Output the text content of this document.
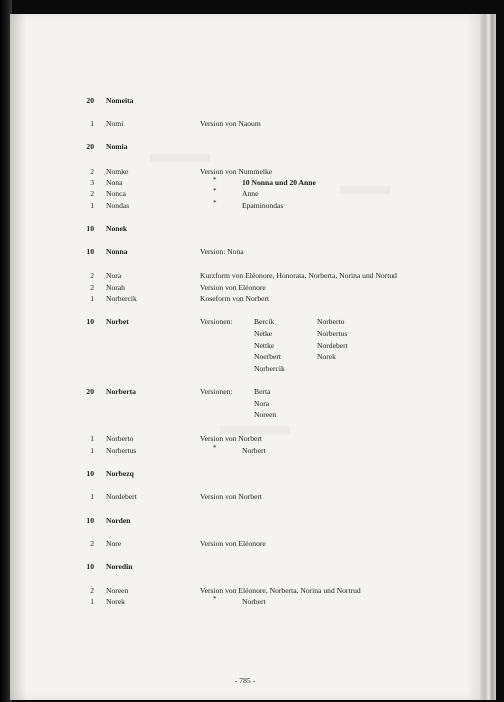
20 Nomeita
1 Nomi	Version von Naoum
20 Nomia
2 Nomke	Version von Nummelke
3 Nona	*	10 Nonna und 20 Anne
2 Nonca	*	Anne
1 Nondas	*	Epaminondas
10 Nonek
10 Nonna	Version: Nona
2 Nora	Kurzform von Eléonore, Honorata, Norberta, Norina und Nortud
2 Norah	Version von Eléonore
1 Norbercik	Koseform von Norbert
10 Norbet	Versionen:	Bercik	Norberto
Netke	Norbertus
Nettke	Nordebert
Noerbert	Norek
Norbercik
20 Norberta	Versionen:	Berta
Nora
Noreen
1 Norberto	Version von Norbert
1 Norbertus	*	Norbert
10 Norbezq
1 Nordebert	Version von Norbert
10 Norden
2 Nore	Version von Eléonore
10 Noredin
2 Noreen	Version von Eléonore, Norberta, Norina und Nortrud
1 Norek	*	Norbert
- 785 -
